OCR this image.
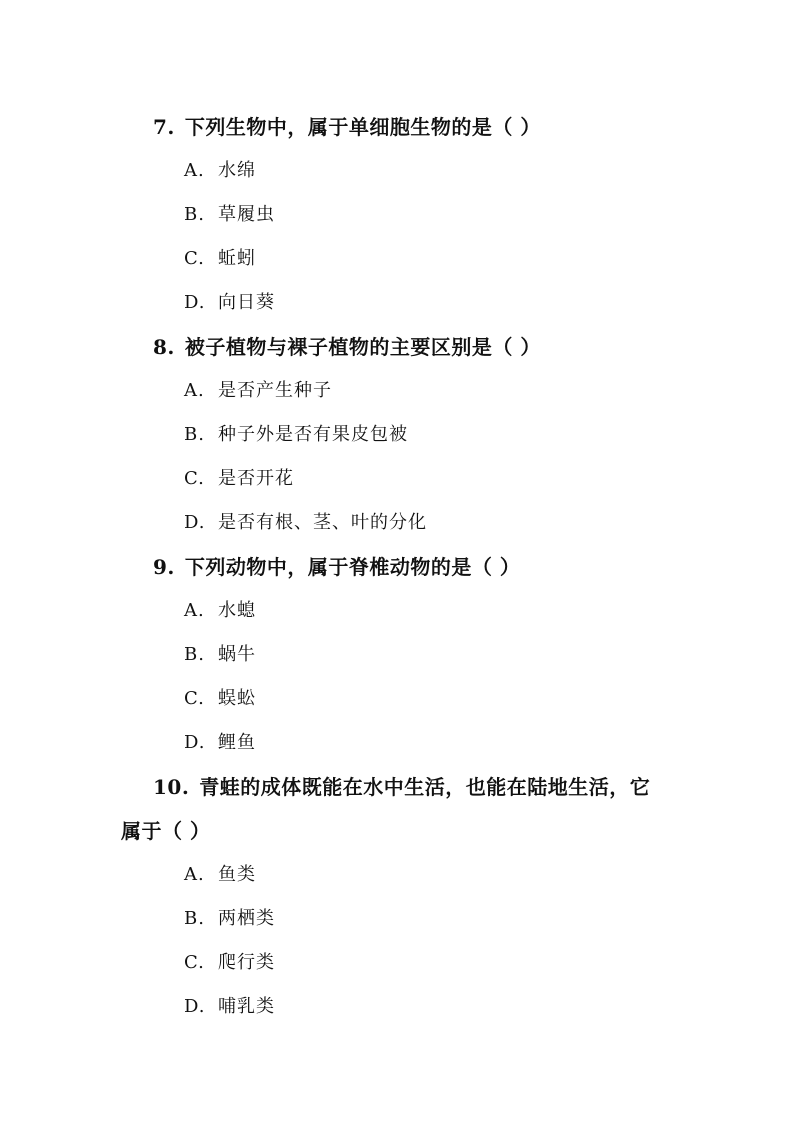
7. 下列生物中，属于单细胞生物的是（ ）
A. 水绵
B. 草履虫
C. 蚯蚓
D. 向日葵
8. 被子植物与裸子植物的主要区别是（ ）
A. 是否产生种子
B. 种子外是否有果皮包被
C. 是否开花
D. 是否有根、茎、叶的分化
9. 下列动物中，属于脊椎动物的是（ ）
A. 水螅
B. 蜗牛
C. 蜈蚣
D. 鲤鱼
10. 青蛙的成体既能在水中生活，也能在陆地生活，它
属于（ ）
A. 鱼类
B. 两栖类
C. 爬行类
D. 哺乳类
